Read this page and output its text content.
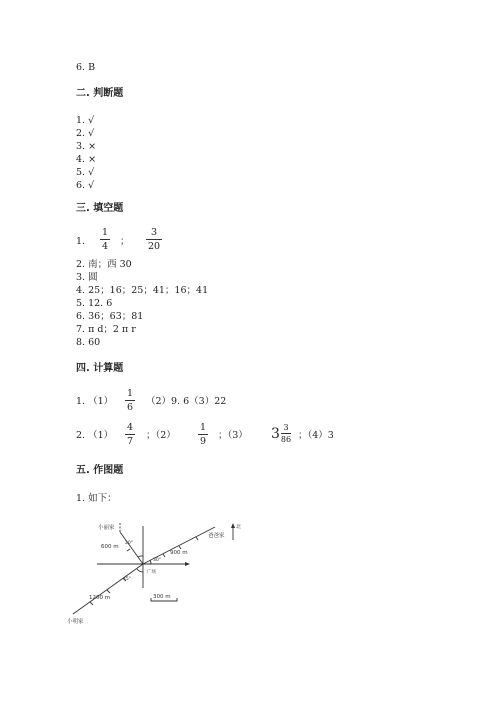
6. B
二. 判断题
1. √
2. √
3. ×
4. ×
5. √
6. √
三. 填空题
1.
1
4 ；
3
20
2. 南；西 30
3. 圆
4. 25；16；25；41；16；41
5. 12. 6
6. 36；63；81
7. π d；2 π r
8. 60
四. 计算题
1. （1）
1
6
（2）9. 6（3）22
2. （1）
4
7
；（2）
1
9
；（3） $3 \frac{3}{86}$ ；（4）3
五. 作图题
1. 如下：
小丽家
爸爸家
小明家
广场
北
600 m
900 m
1200 m	300 m
20°
30°
45°
